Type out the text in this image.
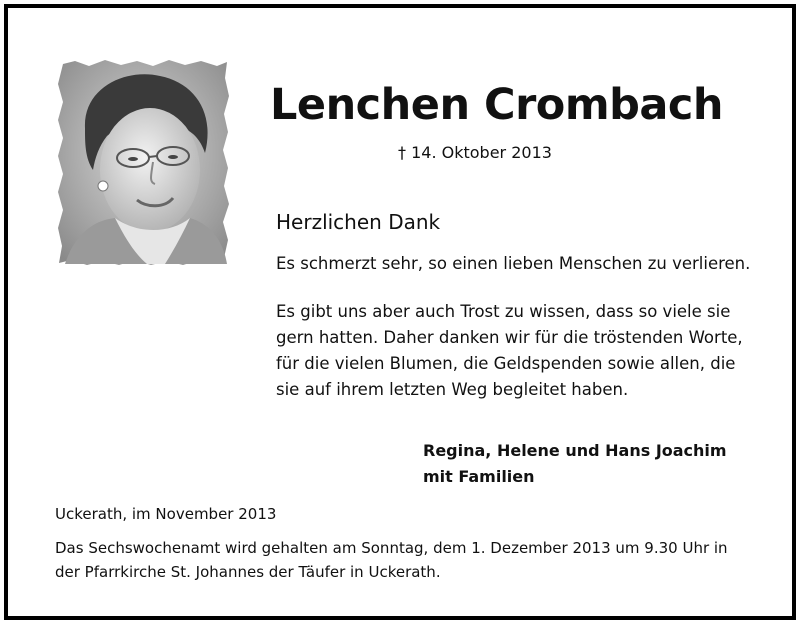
Lenchen Crombach
† 14. Oktober 2013
Herzlichen Dank
Es schmerzt sehr, so einen lieben Menschen zu verlieren.
Es gibt uns aber auch Trost zu wissen, dass so viele sie gern hatten. Daher danken wir für die tröstenden Worte, für die vielen Blumen, die Geldspenden sowie allen, die sie auf ihrem letzten Weg begleitet haben.
Regina, Helene und Hans Joachim
mit Familien
Uckerath, im November 2013
Das Sechswochenamt wird gehalten am Sonntag, dem 1. Dezember 2013 um 9.30 Uhr in der Pfarrkirche St. Johannes der Täufer in Uckerath.
